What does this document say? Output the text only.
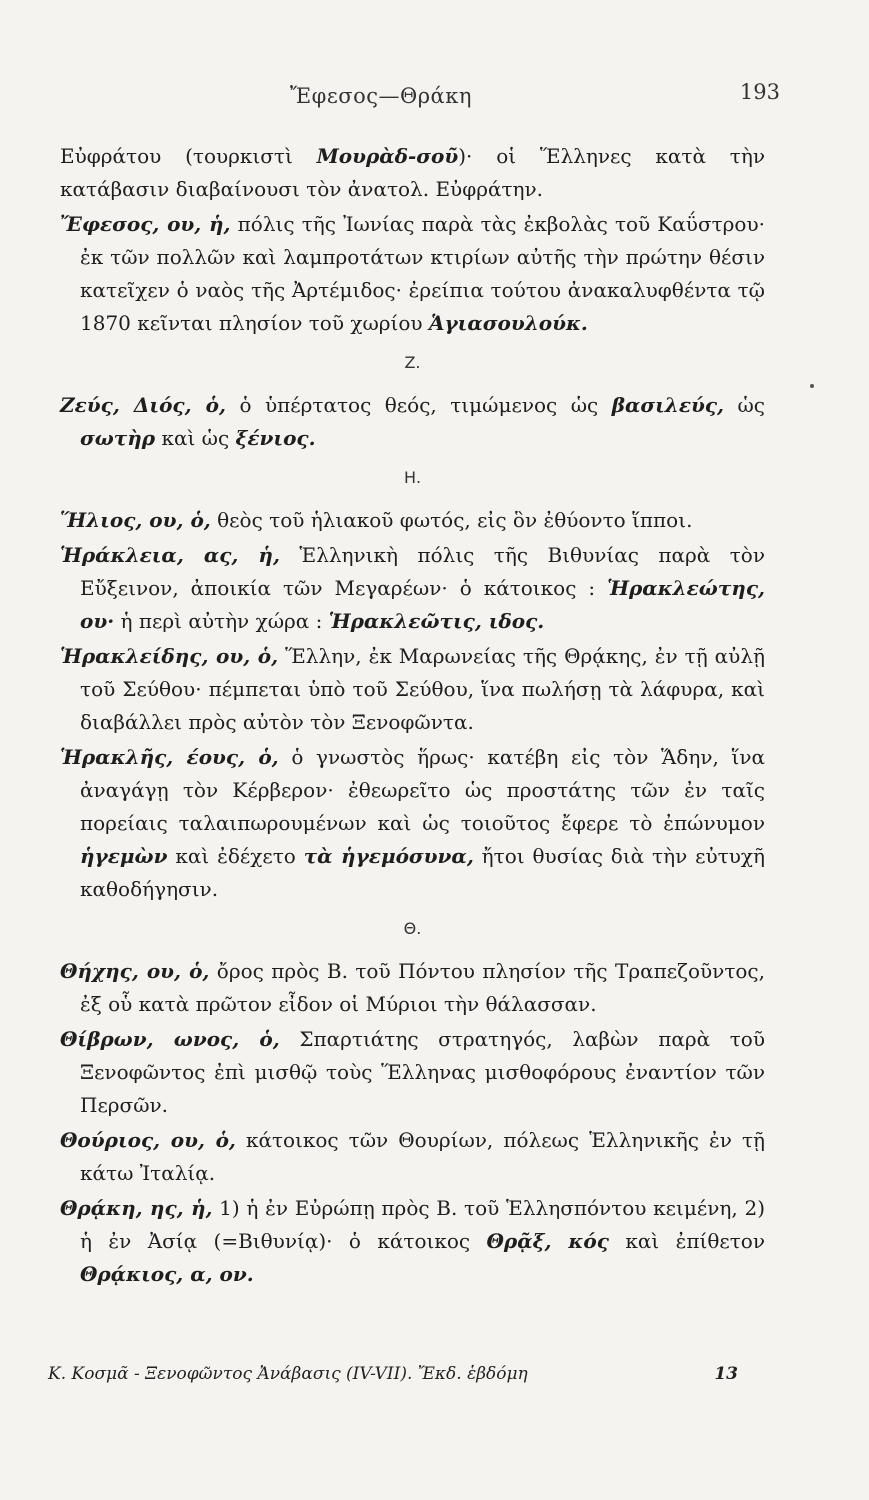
Ἔφεσος—Θράκη	193

Εὐφράτου (τουρκιστὶ Μουρὰδ-σοῦ)· οἱ Ἕλληνες κατὰ τὴν κατάβασιν διαβαίνουσι τὸν ἀνατολ. Εὐφράτην.

Ἔφεσος, ου, ἡ, πόλις τῆς Ἰωνίας παρὰ τὰς ἐκβολὰς τοῦ Καΰστρου· ἐκ τῶν πολλῶν καὶ λαμπροτάτων κτιρίων αὐτῆς τὴν πρώτην θέσιν κατεῖχεν ὁ ναὸς τῆς Ἀρτέμιδος· ἐρείπια τούτου ἀνακαλυφθέντα τῷ 1870 κεῖνται πλησίον τοῦ χωρίου Ἁγιασουλούκ.

Ζ.

Ζεύς, Διός, ὁ, ὁ ὑπέρτατος θεός, τιμώμενος ὡς βασιλεύς, ὡς σωτὴρ καὶ ὡς ξένιος.

Η.

Ἥλιος, ου, ὁ, θεὸς τοῦ ἡλιακοῦ φωτός, εἰς ὃν ἐθύοντο ἵπποι.

Ἡράκλεια, ας, ἡ, Ἑλληνικὴ πόλις τῆς Βιθυνίας παρὰ τὸν Εὔξεινον, ἀποικία τῶν Μεγαρέων· ὁ κάτοικος : Ἡρακλεώτης, ου· ἡ περὶ αὐτὴν χώρα : Ἡρακλεῶτις, ιδος.

Ἡρακλείδης, ου, ὁ, Ἕλλην, ἐκ Μαρωνείας τῆς Θρᾴκης, ἐν τῇ αὐλῇ τοῦ Σεύθου· πέμπεται ὑπὸ τοῦ Σεύθου, ἵνα πωλήσῃ τὰ λάφυρα, καὶ διαβάλλει πρὸς αὐτὸν τὸν Ξενοφῶντα.

Ἡρακλῆς, έους, ὁ, ὁ γνωστὸς ἥρως· κατέβη εἰς τὸν Ἅδην, ἵνα ἀναγάγῃ τὸν Κέρβερον· ἐθεωρεῖτο ὡς προστάτης τῶν ἐν ταῖς πορείαις ταλαιπωρουμένων καὶ ὡς τοιοῦτος ἔφερε τὸ ἐπώνυμον ἡγεμὼν καὶ ἐδέχετο τὰ ἡγεμόσυνα, ἤτοι θυσίας διὰ τὴν εὐτυχῆ καθοδήγησιν.

Θ.

Θήχης, ου, ὁ, ὄρος πρὸς Β. τοῦ Πόντου πλησίον τῆς Τραπεζοῦντος, ἐξ οὗ κατὰ πρῶτον εἶδον οἱ Μύριοι τὴν θάλασσαν.

Θίβρων, ωνος, ὁ, Σπαρτιάτης στρατηγός, λαβὼν παρὰ τοῦ Ξενοφῶντος ἐπὶ μισθῷ τοὺς Ἕλληνας μισθοφόρους ἐναντίον τῶν Περσῶν.

Θούριος, ου, ὁ, κάτοικος τῶν Θουρίων, πόλεως Ἑλληνικῆς ἐν τῇ κάτω Ἰταλίᾳ.

Θρᾴκη, ης, ἡ, 1) ἡ ἐν Εὐρώπῃ πρὸς Β. τοῦ Ἑλλησπόντου κειμένη, 2) ἡ ἐν Ἀσίᾳ (=Βιθυνίᾳ)· ὁ κάτοικος Θρᾷξ, κός καὶ ἐπίθετον Θρᾴκιος, α, ον.

Κ. Κοσμᾶ - Ξενοφῶντος Ἀνάβασις (IV-VII). Ἔκδ. ἑβδόμη	13
